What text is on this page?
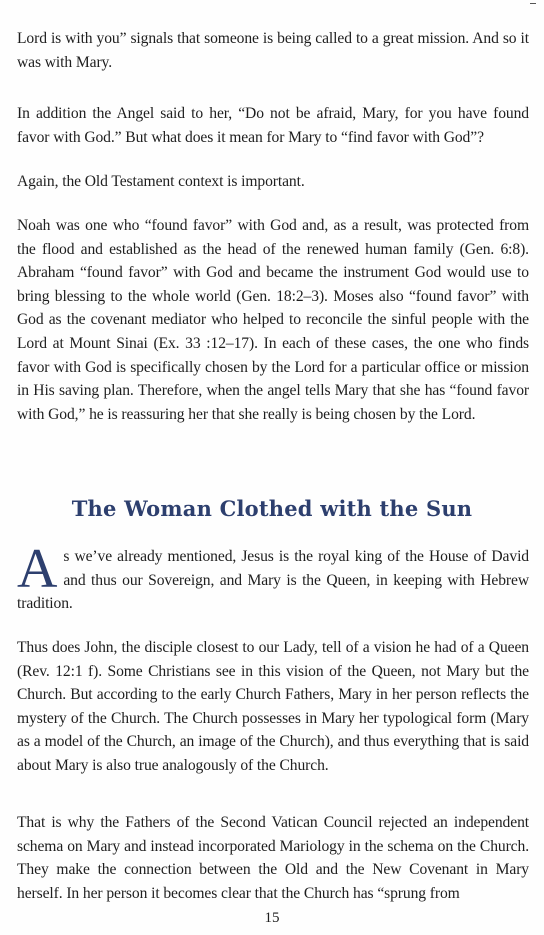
Lord is with you” signals that someone is being called to a great mission. And so it was with Mary.

In addition the Angel said to her, “Do not be afraid, Mary, for you have found favor with God.” But what does it mean for Mary to “find favor with God”?

Again, the Old Testament context is important.

Noah was one who “found favor” with God and, as a result, was protected from the flood and established as the head of the renewed human family (Gen. 6:8). Abraham “found favor” with God and became the instrument God would use to bring blessing to the whole world (Gen. 18:2–3). Moses also “found favor” with God as the covenant mediator who helped to reconcile the sinful people with the Lord at Mount Sinai (Ex. 33 :12–17). In each of these cases, the one who finds favor with God is specifically chosen by the Lord for a particular office or mission in His saving plan. Therefore, when the angel tells Mary that she has “found favor with God,” he is reassuring her that she really is being chosen by the Lord.

The Woman Clothed with the Sun

As we’ve already mentioned, Jesus is the royal king of the House of David and thus our Sovereign, and Mary is the Queen, in keeping with Hebrew tradition.

Thus does John, the disciple closest to our Lady, tell of a vision he had of a Queen (Rev. 12:1 f). Some Christians see in this vision of the Queen, not Mary but the Church. But according to the early Church Fathers, Mary in her person reflects the mystery of the Church. The Church possesses in Mary her typological form (Mary as a model of the Church, an image of the Church), and thus everything that is said about Mary is also true analogously of the Church.

That is why the Fathers of the Second Vatican Council rejected an independent schema on Mary and instead incorporated Mariology in the schema on the Church. They make the connection between the Old and the New Covenant in Mary herself. In her person it becomes clear that the Church has “sprung from

15
